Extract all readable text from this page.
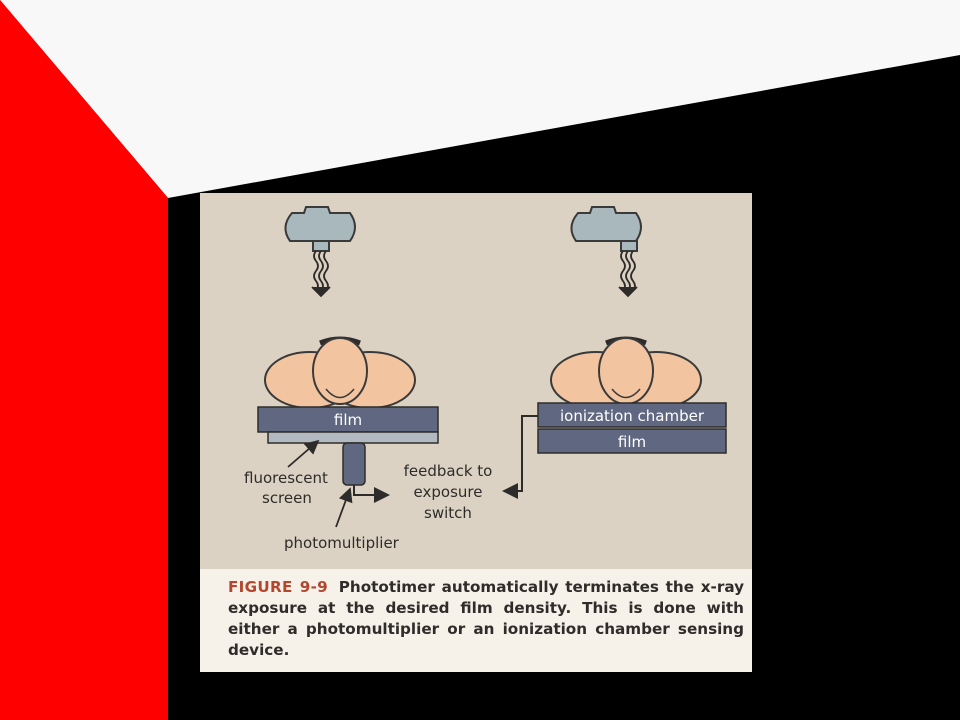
film	ionization chamber
film
fluorescent
screen
photomultiplier
feedback to
exposure
switch

FIGURE 9-9 Phototimer automatically terminates the x-ray exposure at the desired film density. This is done with either a photomultiplier or an ionization chamber sensing device.
